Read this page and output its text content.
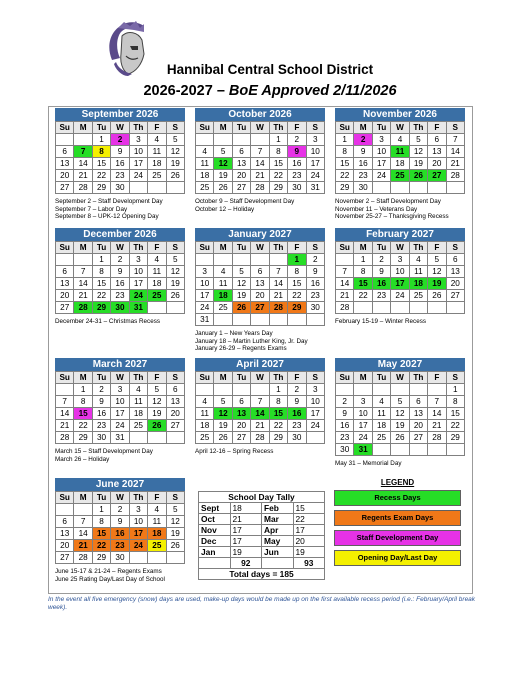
Hannibal Central School District
2026-2027 – BoE Approved 2/11/2026
September 2026
Su	M	Tu	W	Th	F	S
		1	2	3	4	5
6	7	8	9	10	11	12
13	14	15	16	17	18	19
20	21	22	23	24	25	26
27	28	29	30			
September 2 – Staff Development Day
September 7 – Labor Day
September 8 – UPK-12 Opening Day
October 2026
Su	M	Tu	W	Th	F	S
				1	2	3
4	5	6	7	8	9	10
11	12	13	14	15	16	17
18	19	20	21	22	23	24
25	26	27	28	29	30	31
October 9 – Staff Development Day
October 12 – Holiday
November 2026
Su	M	Tu	W	Th	F	S
1	2	3	4	5	6	7
8	9	10	11	12	13	14
15	16	17	18	19	20	21
22	23	24	25	26	27	28
29	30					
November 2 – Staff Development Day
November 11 – Veterans Day
November 25-27 – Thanksgiving Recess
December 2026
Su	M	Tu	W	Th	F	S
		1	2	3	4	5
6	7	8	9	10	11	12
13	14	15	16	17	18	19
20	21	22	23	24	25	26
27	28	29	30	31		
December 24-31 – Christmas Recess
January 2027
Su	M	Tu	W	Th	F	S
					1	2
3	4	5	6	7	8	9
10	11	12	13	14	15	16
17	18	19	20	21	22	23
24	25	26	27	28	29	30
31						
January 1 – New Years Day
January 18 – Martin Luther King, Jr. Day
January 26-29 – Regents Exams
February 2027
Su	M	Tu	W	Th	F	S
	1	2	3	4	5	6
7	8	9	10	11	12	13
14	15	16	17	18	19	20
21	22	23	24	25	26	27
28						
February 15-19 – Winter Recess
March 2027
Su	M	Tu	W	Th	F	S
	1	2	3	4	5	6
7	8	9	10	11	12	13
14	15	16	17	18	19	20
21	22	23	24	25	26	27
28	29	30	31			
March 15 – Staff Development Day
March 26 – Holiday
April 2027
Su	M	Tu	W	Th	F	S
				1	2	3
4	5	6	7	8	9	10
11	12	13	14	15	16	17
18	19	20	21	22	23	24
25	26	27	28	29	30	
April 12-16 – Spring Recess
May 2027
Su	M	Tu	W	Th	F	S
						1
2	3	4	5	6	7	8
9	10	11	12	13	14	15
16	17	18	19	20	21	22
23	24	25	26	27	28	29
30	31					
May 31 – Memorial Day
June 2027
Su	M	Tu	W	Th	F	S
		1	2	3	4	5
6	7	8	9	10	11	12
13	14	15	16	17	18	19
20	21	22	23	24	25	26
27	28	29	30			
June 15-17 & 21-24 – Regents Exams
June 25 Rating Day/Last Day of School
School Day Tally			
Sept	18	Feb	15
Oct	21	Mar	22
Nov	17	Apr	17
Dec	17	May	20
Jan	19	Jun	19
	92		93
Total days = 185			
LEGEND
Recess Days
Regents Exam Days
Staff Development Day
Opening Day/Last Day
In the event all five emergency (snow) days are used, make-up days would be made up on the first available recess period (i.e.: February/April break week).
